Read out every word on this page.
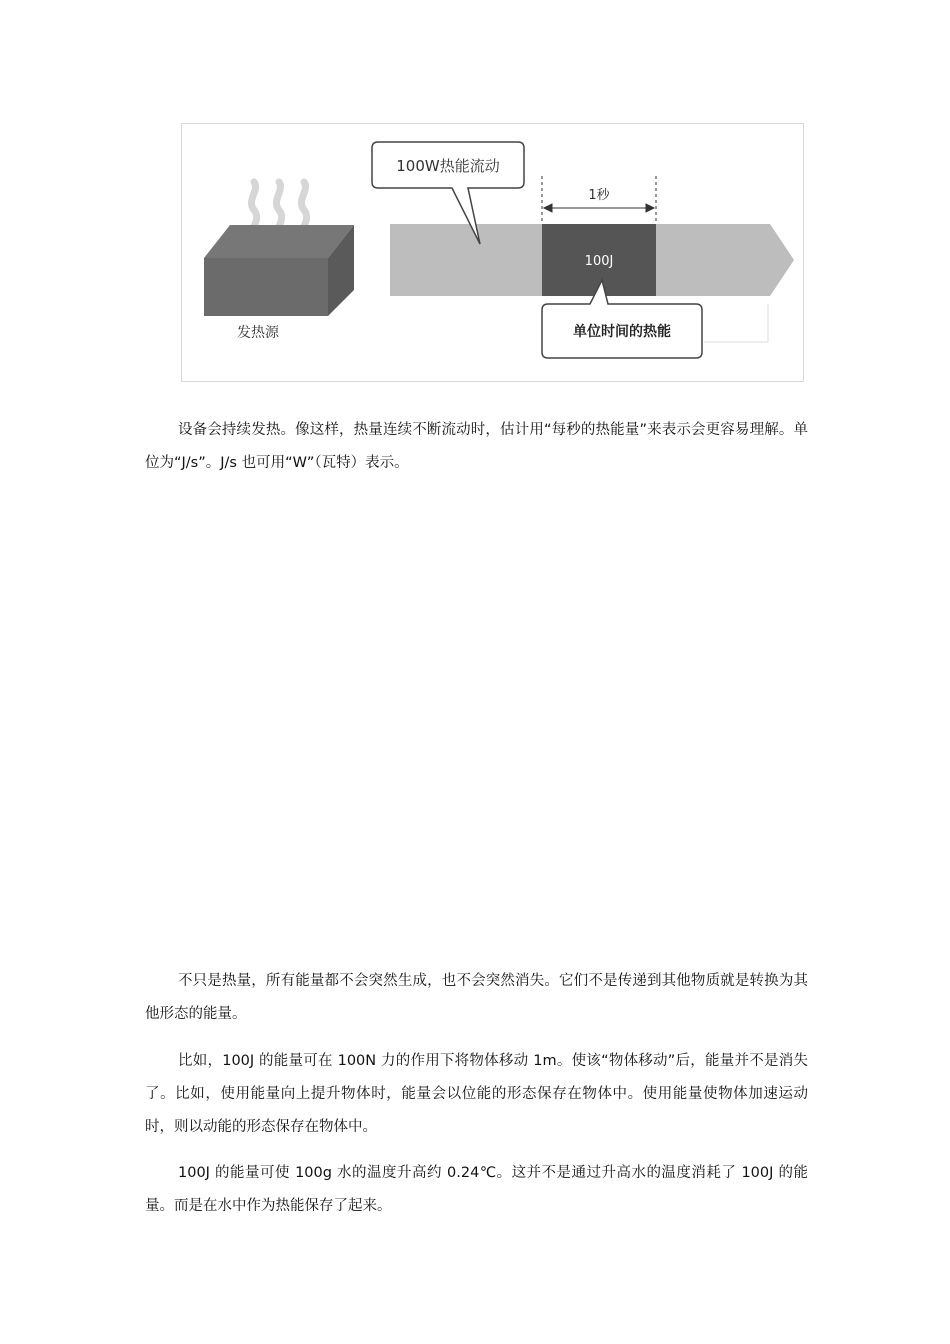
发热源
100J
1秒
100W热能流动
单位时间的热能

设备会持续发热。像这样，热量连续不断流动时，估计用“每秒的热能量”来表示会更容易理解。单位为“J/s”。J/s 也可用“W”（瓦特）表示。

不只是热量，所有能量都不会突然生成，也不会突然消失。它们不是传递到其他物质就是转换为其他形态的能量。

比如，100J 的能量可在 100N 力的作用下将物体移动 1m。使该“物体移动”后，能量并不是消失了。比如，使用能量向上提升物体时，能量会以位能的形态保存在物体中。使用能量使物体加速运动时，则以动能的形态保存在物体中。

100J 的能量可使 100g 水的温度升高约 0.24℃。这并不是通过升高水的温度消耗了 100J 的能量。而是在水中作为热能保存了起来。
